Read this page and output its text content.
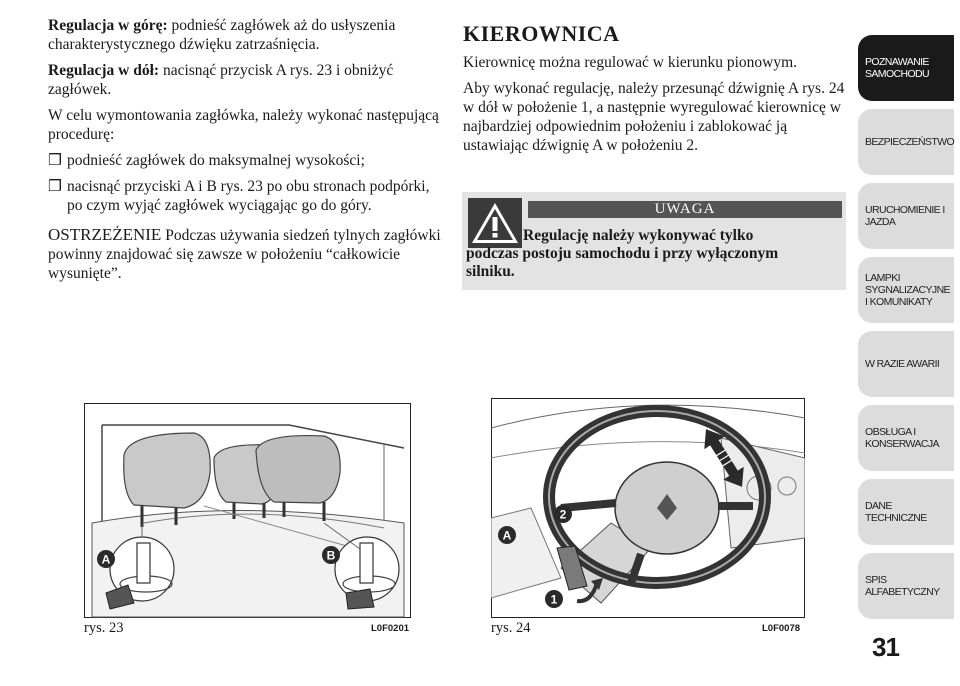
Regulacja w górę: podnieść zagłówek aż do usłyszenia charakterystycznego dźwięku zatrzaśnięcia.

Regulacja w dół: nacisnąć przycisk A rys. 23 i obniżyć zagłówek.

W celu wymontowania zagłówka, należy wykonać następującą procedurę:

❒ podnieść zagłówek do maksymalnej wysokości;

❒ nacisnąć przyciski A i B rys. 23 po obu stronach podpórki, po czym wyjąć zagłówek wyciągając go do góry.

OSTRZEŻENIE Podczas używania siedzeń tylnych zagłówki powinny znajdować się zawsze w położeniu “całkowicie wysunięte”.

KIEROWNICA

Kierownicę można regulować w kierunku pionowym.

Aby wykonać regulację, należy przesunąć dźwignię A rys. 24 w dół w położenie 1, a następnie wyregulować kierownicę w najbardziej odpowiednim położeniu i zablokować ją ustawiając dźwignię A w położeniu 2.

UWAGA
Regulację należy wykonywać tylko podczas postoju samochodu i przy wyłączonym silniku.
A	B
rys. 23	L0F0201
A
2
1
rys. 24	L0F0078
POZNAWANIE
SAMOCHODU
BEZPIECZEŃSTWO
URUCHOMIENIE I
JAZDA
LAMPKI
SYGNALIZACYJNE
I KOMUNIKATY
W RAZIE AWARII
OBSŁUGA I
KONSERWACJA
DANE
TECHNICZNE
SPIS
ALFABETYCZNY
31
